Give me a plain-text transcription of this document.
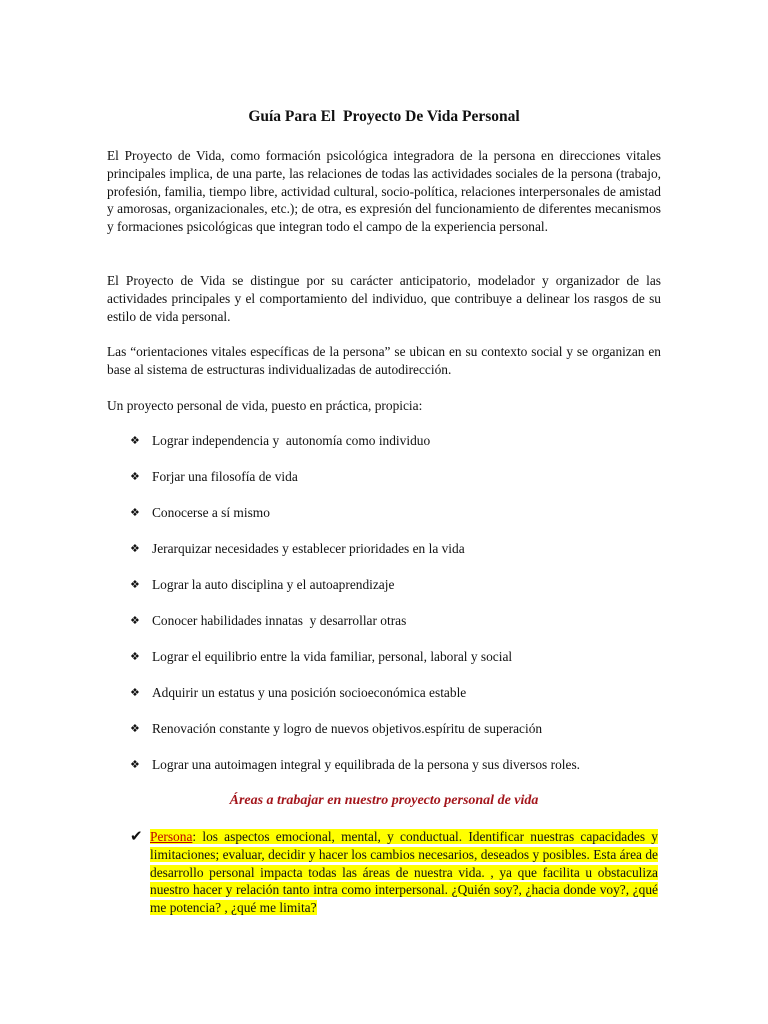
Guía Para El  Proyecto De Vida Personal

El Proyecto de Vida, como formación psicológica integradora de la persona en direcciones vitales principales implica, de una parte, las relaciones de todas las actividades sociales de la persona (trabajo, profesión, familia, tiempo libre, actividad cultural, socio-política, relaciones interpersonales de amistad y amorosas, organizacionales, etc.); de otra, es expresión del funcionamiento de diferentes mecanismos y formaciones psicológicas que integran todo el campo de la experiencia personal.

El Proyecto de Vida se distingue por su carácter anticipatorio, modelador y organizador de las actividades principales y el comportamiento del individuo, que contribuye a delinear los rasgos de su estilo de vida personal.

Las “orientaciones vitales específicas de la persona” se ubican en su contexto social y se organizan en base al sistema de estructuras individualizadas de autodirección.

Un proyecto personal de vida, puesto en práctica, propicia:

❖ Lograr independencia y  autonomía como individuo
❖ Forjar una filosofía de vida
❖ Conocerse a sí mismo
❖ Jerarquizar necesidades y establecer prioridades en la vida
❖ Lograr la auto disciplina y el autoaprendizaje
❖ Conocer habilidades innatas  y desarrollar otras
❖ Lograr el equilibrio entre la vida familiar, personal, laboral y social
❖ Adquirir un estatus y una posición socioeconómica estable
❖ Renovación constante y logro de nuevos objetivos.espíritu de superación
❖ Lograr una autoimagen integral y equilibrada de la persona y sus diversos roles.
Áreas a trabajar en nuestro proyecto personal de vida
✔ Persona: los aspectos emocional, mental, y conductual. Identificar nuestras capacidades y limitaciones; evaluar, decidir y hacer los cambios necesarios, deseados y posibles. Esta área de desarrollo personal impacta todas las áreas de nuestra vida. , ya que facilita u obstaculiza nuestro hacer y relación tanto intra como interpersonal. ¿Quién soy?, ¿hacia donde voy?, ¿qué me potencia? , ¿qué me limita?
